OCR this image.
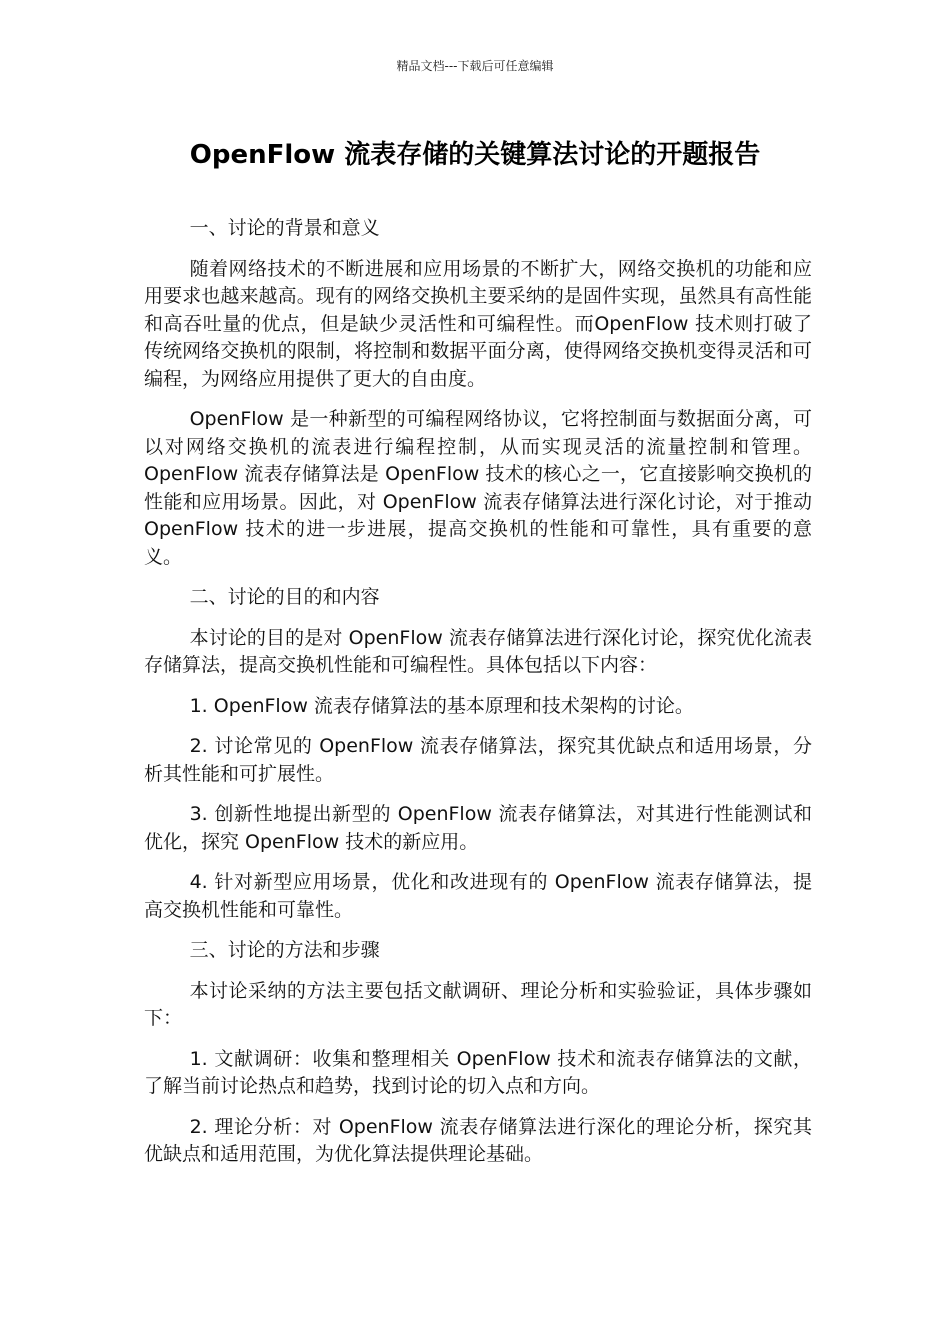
精品文档---下载后可任意编辑
OpenFlow 流表存储的关键算法讨论的开题报告

一、讨论的背景和意义

随着网络技术的不断进展和应用场景的不断扩大，网络交换机的功能和应用要求也越来越高。现有的网络交换机主要采纳的是固件实现，虽然具有高性能和高吞吐量的优点，但是缺少灵活性和可编程性。而OpenFlow 技术则打破了传统网络交换机的限制，将控制和数据平面分离，使得网络交换机变得灵活和可编程，为网络应用提供了更大的自由度。

OpenFlow 是一种新型的可编程网络协议，它将控制面与数据面分离，可以对网络交换机的流表进行编程控制，从而实现灵活的流量控制和管理。OpenFlow 流表存储算法是 OpenFlow 技术的核心之一，它直接影响交换机的性能和应用场景。因此，对 OpenFlow 流表存储算法进行深化讨论，对于推动 OpenFlow 技术的进一步进展，提高交换机的性能和可靠性，具有重要的意义。

二、讨论的目的和内容

本讨论的目的是对 OpenFlow 流表存储算法进行深化讨论，探究优化流表存储算法，提高交换机性能和可编程性。具体包括以下内容：

1. OpenFlow 流表存储算法的基本原理和技术架构的讨论。

2. 讨论常见的 OpenFlow 流表存储算法，探究其优缺点和适用场景，分析其性能和可扩展性。

3. 创新性地提出新型的 OpenFlow 流表存储算法，对其进行性能测试和优化，探究 OpenFlow 技术的新应用。

4. 针对新型应用场景，优化和改进现有的 OpenFlow 流表存储算法，提高交换机性能和可靠性。

三、讨论的方法和步骤

本讨论采纳的方法主要包括文献调研、理论分析和实验验证，具体步骤如下：

1. 文献调研：收集和整理相关 OpenFlow 技术和流表存储算法的文献，了解当前讨论热点和趋势，找到讨论的切入点和方向。

2. 理论分析：对 OpenFlow 流表存储算法进行深化的理论分析，探究其优缺点和适用范围，为优化算法提供理论基础。
